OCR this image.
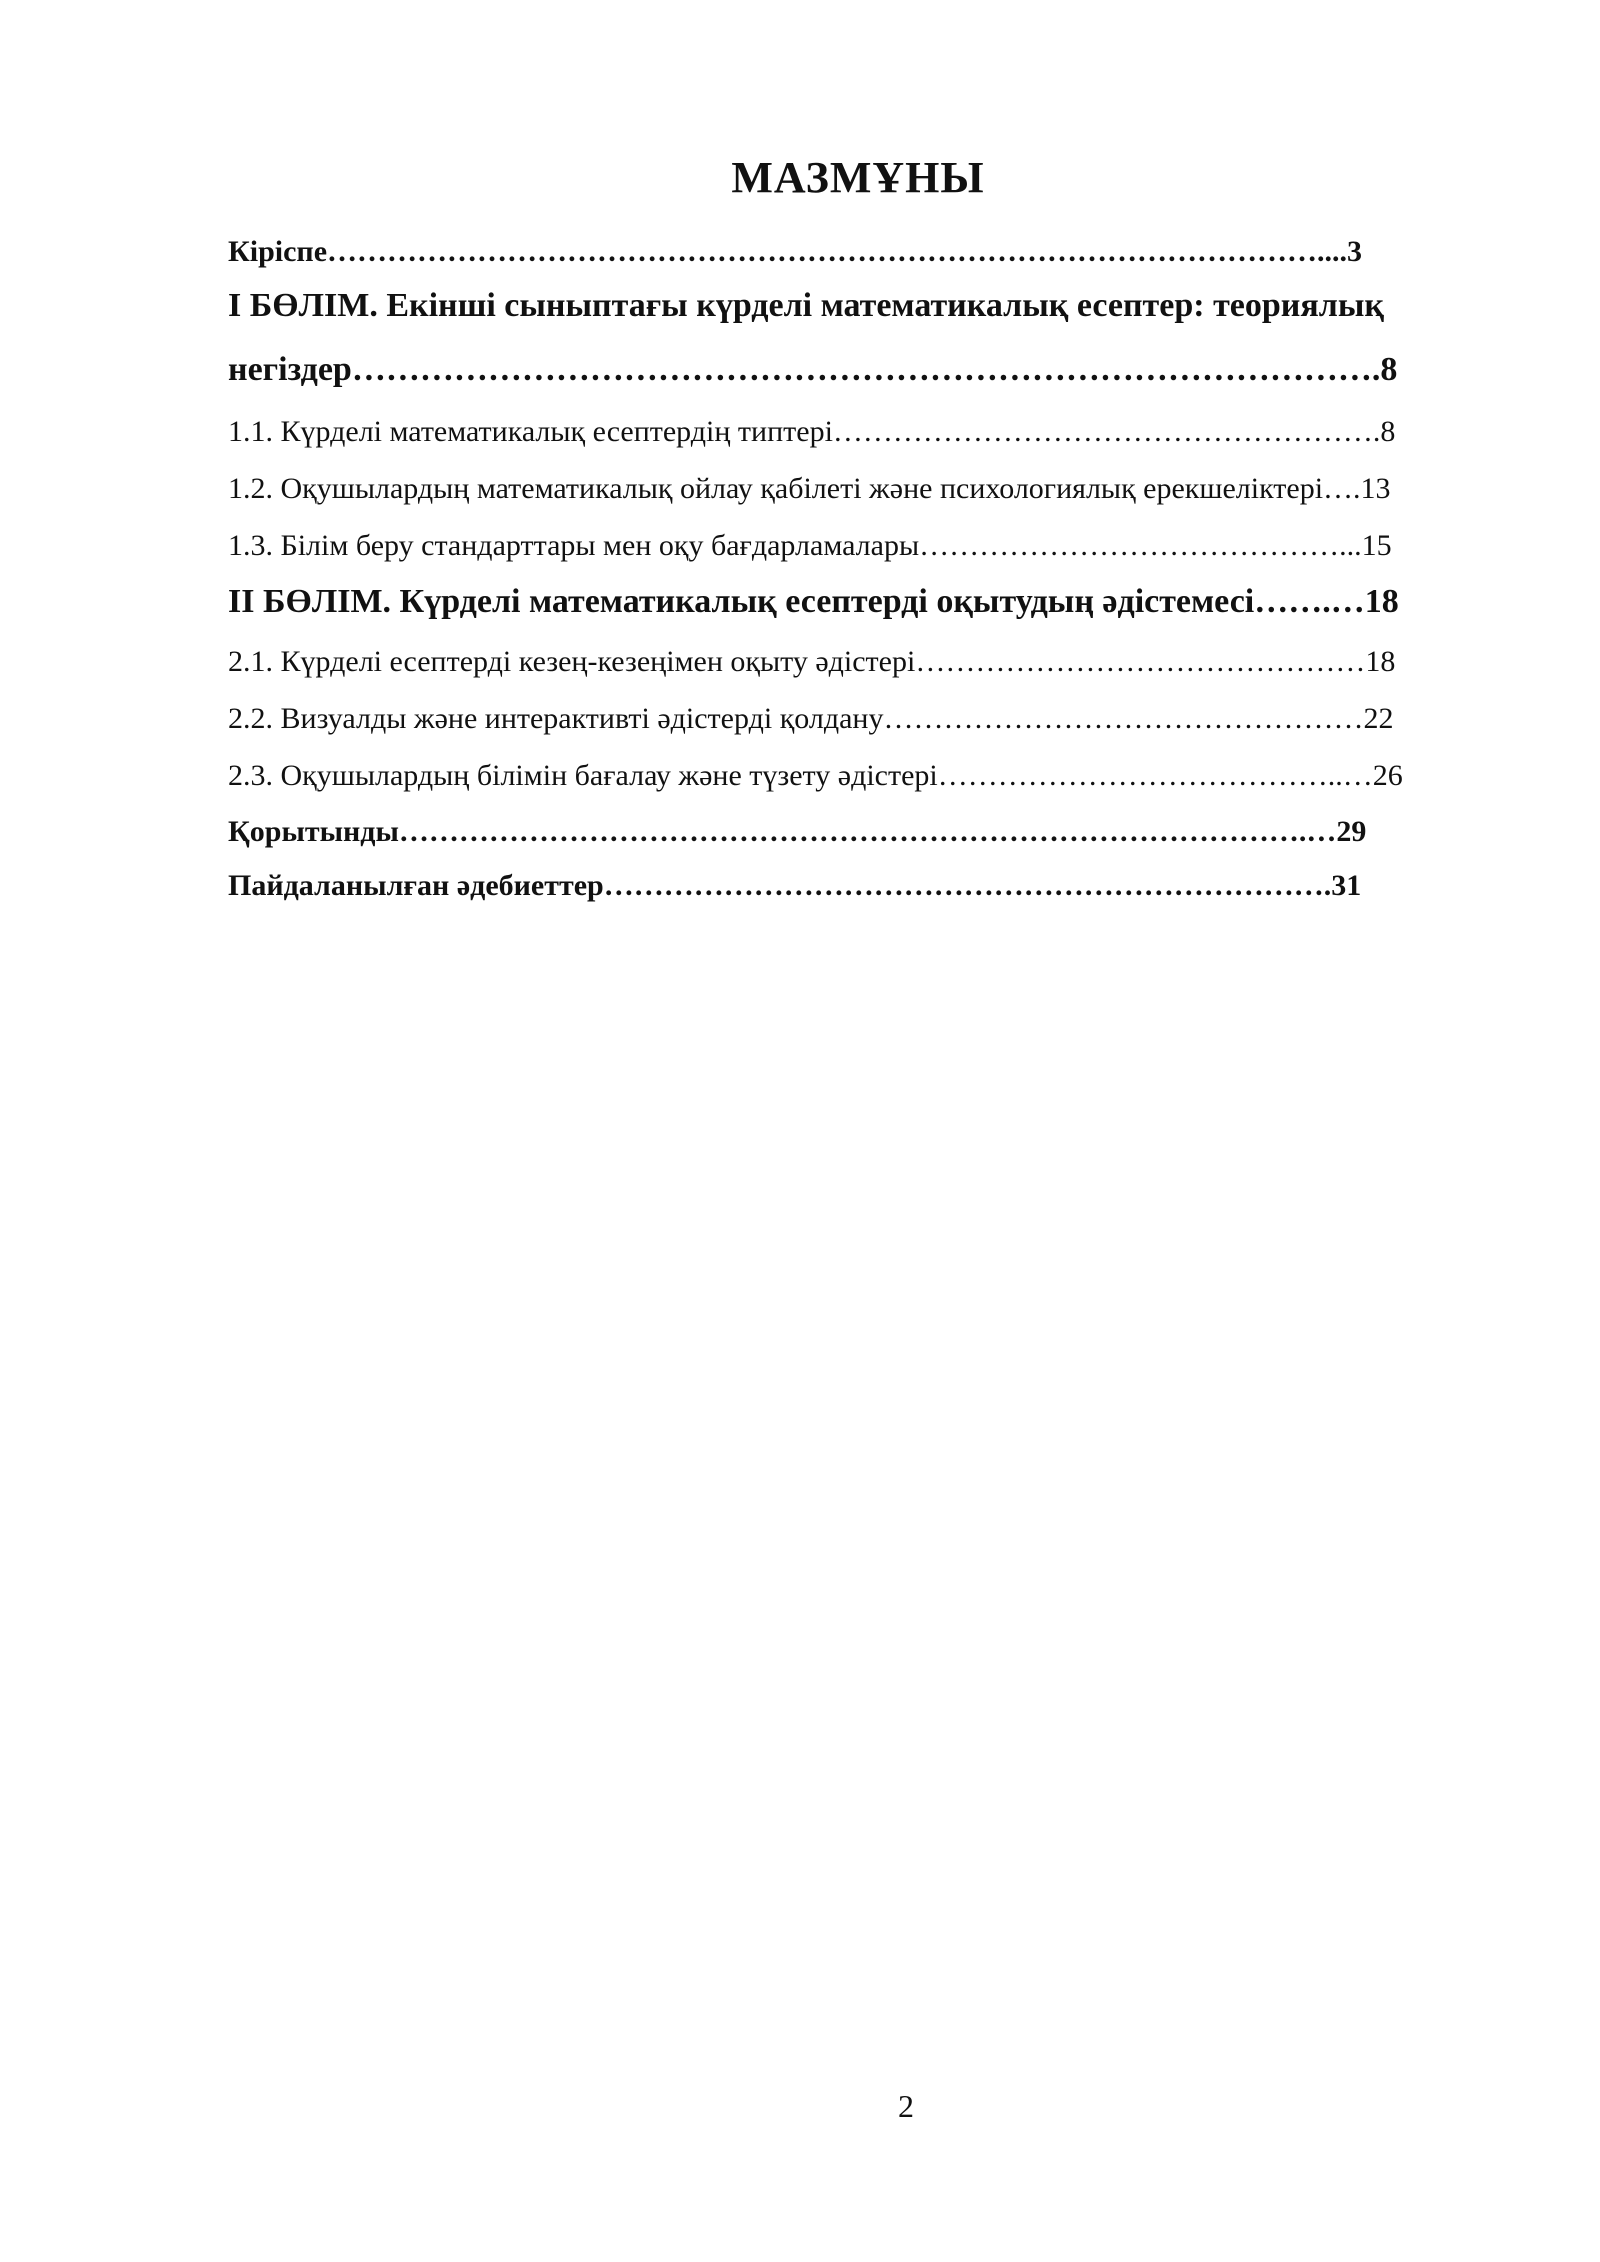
МАЗМҰНЫ
Кіріспе………………………………………………………………………………………....3
I БӨЛІМ. Екінші сыныптағы күрделі математикалық есептер: теориялық
негіздер……………………………………………………………………………….8
1.1. Күрделі математикалық есептердің типтері……………………………………………….8
1.2. Оқушылардың математикалық ойлау қабілеті және психологиялық ерекшеліктері….13
1.3. Білім беру стандарттары мен оқу бағдарламалары……………………………………...15
II БӨЛІМ. Күрделі математикалық есептерді оқытудың әдістемесі…….…18
2.1. Күрделі есептерді кезең-кезеңімен оқыту әдістері………………………………………18
2.2. Визуалды және интерактивті әдістерді қолдану…………………………………………22
2.3. Оқушылардың білімін бағалау және түзету әдістері…………………………………..…26
Қорытынды……………………………………………………………………………….…29
Пайдаланылған әдебиеттер……………………………………………………………….31
2
